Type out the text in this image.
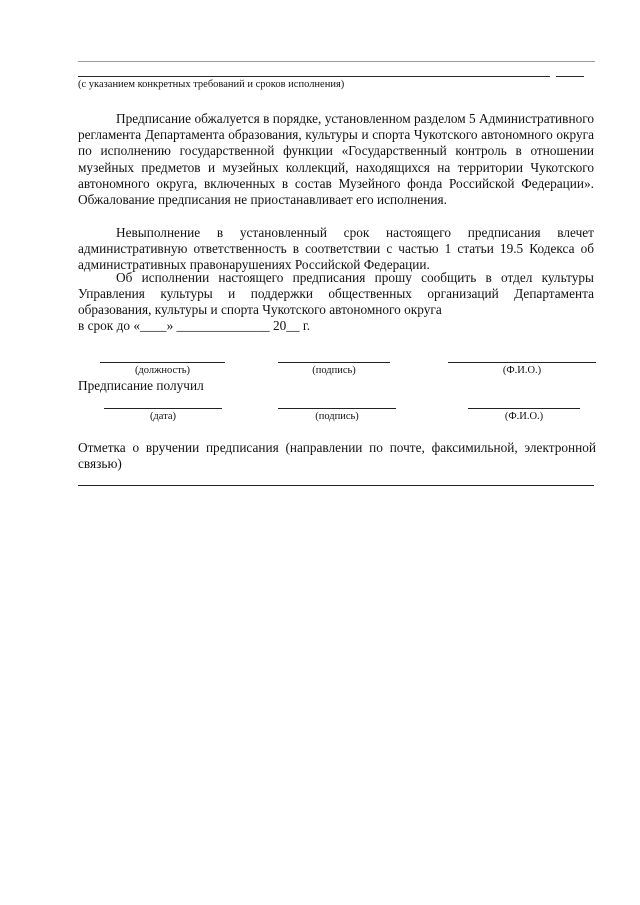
(с указанием конкретных требований и сроков исполнения)

Предписание обжалуется в порядке, установленном разделом 5 Административного регламента Департамента образования, культуры и спорта Чукотского автономного округа по исполнению государственной функции «Государственный контроль в отношении музейных предметов и музейных коллекций, находящихся на территории Чукотского автономного округа, включенных в состав Музейного фонда Российской Федерации». Обжалование предписания не приостанавливает его исполнения.

Невыполнение в установленный срок настоящего предписания влечет административную ответственность в соответствии с частью 1 статьи 19.5 Кодекса об административных правонарушениях Российской Федерации.

Об исполнении настоящего предписания прошу сообщить в отдел культуры Управления культуры и поддержки общественных организаций Департамента образования, культуры и спорта Чукотского автономного округа

в срок до «____» ______________ 20__ г.
(должность)	(подпись)	(Ф.И.О.)
Предписание получил
(дата)	(подпись)	(Ф.И.О.)

Отметка о вручении предписания (направлении по почте, факсимильной, электронной связью)
